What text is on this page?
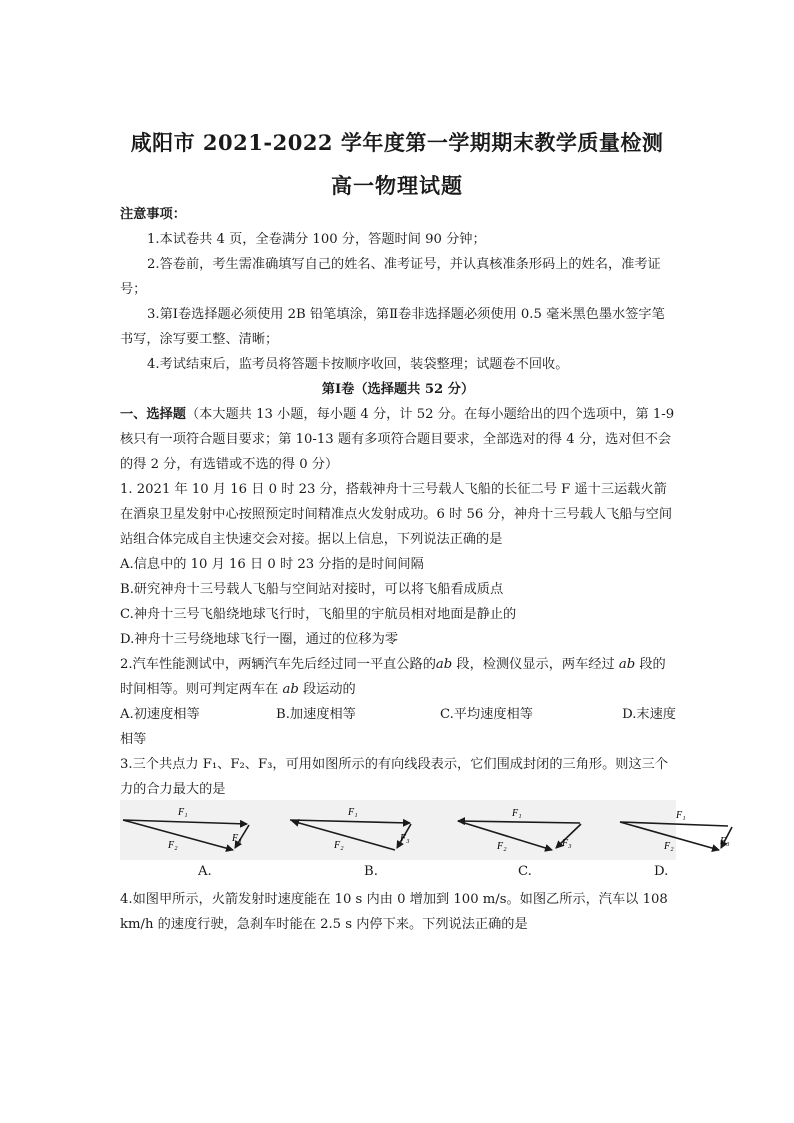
咸阳市 2021-2022 学年度第一学期期末教学质量检测
高一物理试题

注意事项：

1.本试卷共 4 页，全卷满分 100 分，答题时间 90 分钟；

2.答卷前，考生需准确填写自己的姓名、准考证号，并认真核准条形码上的姓名，准考证号；

3.第Ⅰ卷选择题必须使用 2B 铅笔填涂，第Ⅱ卷非选择题必须使用 0.5 毫米黑色墨水签字笔书写，涂写要工整、清晰；

4.考试结束后，监考员将答题卡按顺序收回，装袋整理；试题卷不回收。

第Ⅰ卷（选择题共 52 分）

一、选择题（本大题共 13 小题，每小题 4 分，计 52 分。在每小题给出的四个选项中，第 1-9 核只有一项符合题目要求；第 10-13 题有多项符合题目要求，全部选对的得 4 分，选对但不会的得 2 分，有选错或不选的得 0 分）

1. 2021 年 10 月 16 日 0 时 23 分，搭载神舟十三号载人飞船的长征二号 F 遥十三运载火箭在酒泉卫星发射中心按照预定时间精准点火发射成功。6 时 56 分，神舟十三号载人飞船与空间站组合体完成自主快速交会对接。据以上信息，下列说法正确的是

A.信息中的 10 月 16 日 0 时 23 分指的是时间间隔

B.研究神舟十三号载人飞船与空间站对接时，可以将飞船看成质点

C.神舟十三号飞船绕地球飞行时，飞船里的宇航员相对地面是静止的

D.神舟十三号绕地球飞行一圈，通过的位移为零

2.汽车性能测试中，两辆汽车先后经过同一平直公路的ab 段，检测仪显示，两车经过 ab 段的时间相等。则可判定两车在 ab 段运动的

A.初速度相等	B.加速度相等	C.平均速度相等	D.末速度

相等

3.三个共点力 F₁、F₂、F₃，可用如图所示的有向线段表示，它们围成封闭的三角形。则这三个力的合力最大的是

F₁
F₂
F₃
F₁
F₂
F₃
F₁
F₂	F₃
F₁
F₂	F₃
A.	B.	C.	D.

4.如图甲所示，火箭发射时速度能在 10 s 内由 0 增加到 100 m/s。如图乙所示，汽车以 108 km/h 的速度行驶，急刹车时能在 2.5 s 内停下来。下列说法正确的是
